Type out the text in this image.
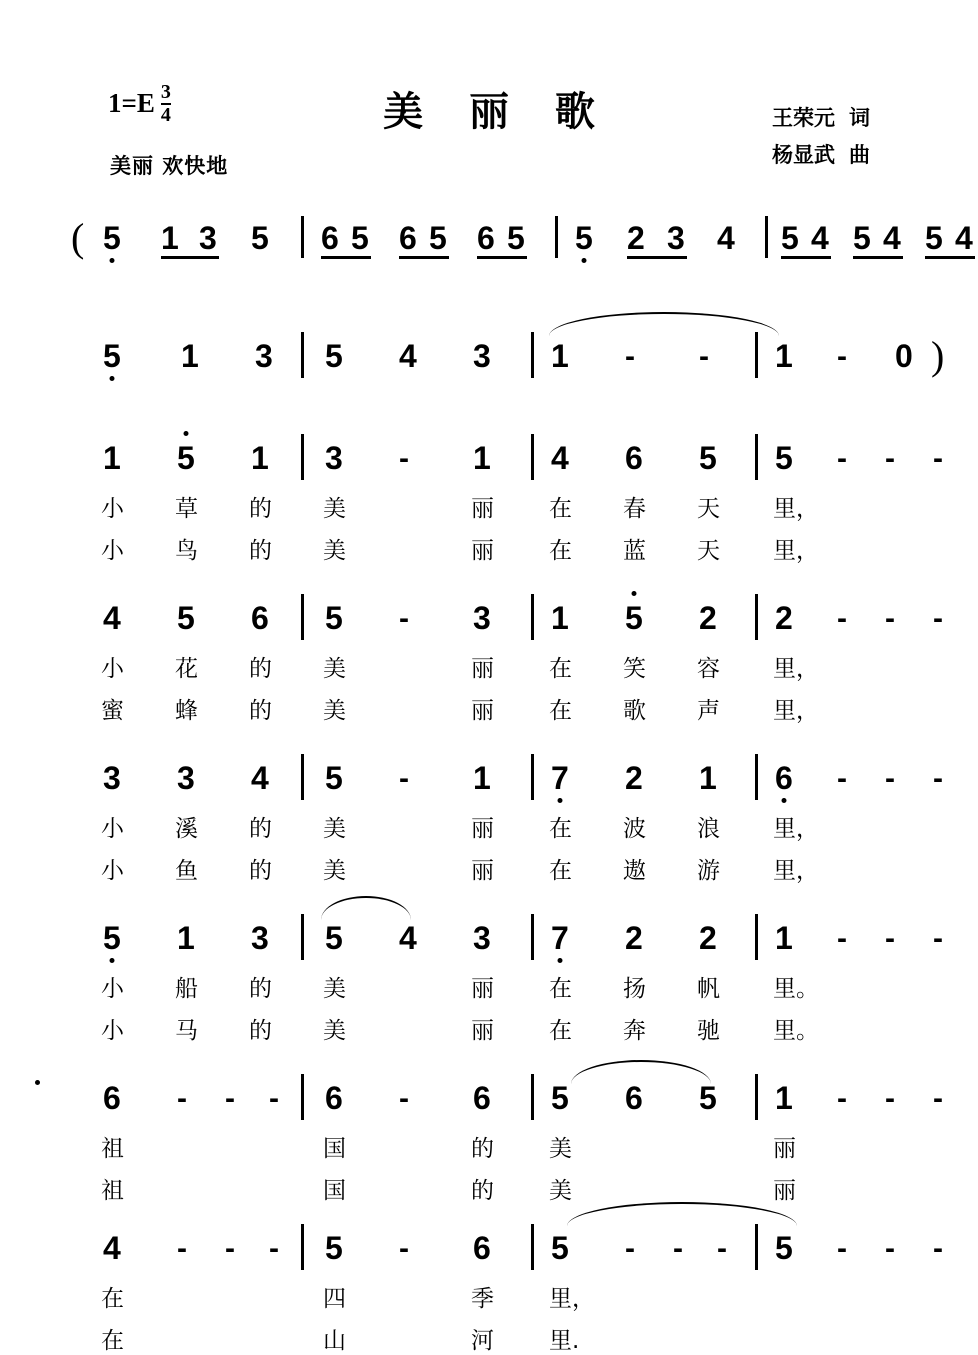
$1=E \frac{3}{4}$
美丽 欢快地
美 丽 歌	王荣元 词
杨显武 曲
( 5 1 3 5 6 5 6 5 6 5 5 2 3 4 5 4 5 4 5 4
5 1 3 5 4 3 1 - - 1 - 0 )
1 5 1 3 - 1 4 6 5 5 - - -
小 草 的 美	丽 在 春 天 里，
小 鸟 的 美	丽 在 蓝 天 里，
4 5 6 5 - 3 1 5 2 2 - - -
小 花 的 美	丽 在 笑 容 里，
蜜 蜂 的 美	丽 在 歌 声 里，
3 3 4 5 - 1 7 2 1 6 - - -
小 溪 的 美	丽 在 波 浪 里，
小 鱼 的 美	丽 在 遨 游 里，
5 1 3 5 4 3 7 2 2 1 - - -
小 船 的 美	丽 在 扬 帆 里。
小 马 的 美	丽 在 奔 驰 里。
6 - - - 6 - 6 5 6 5 1 - - -
祖	国	的 美	丽
祖	国	的 美	丽
4 - - - 5 - 6 5 - - - 5 - - -
在	四	季 里，
在	山	河 里.
